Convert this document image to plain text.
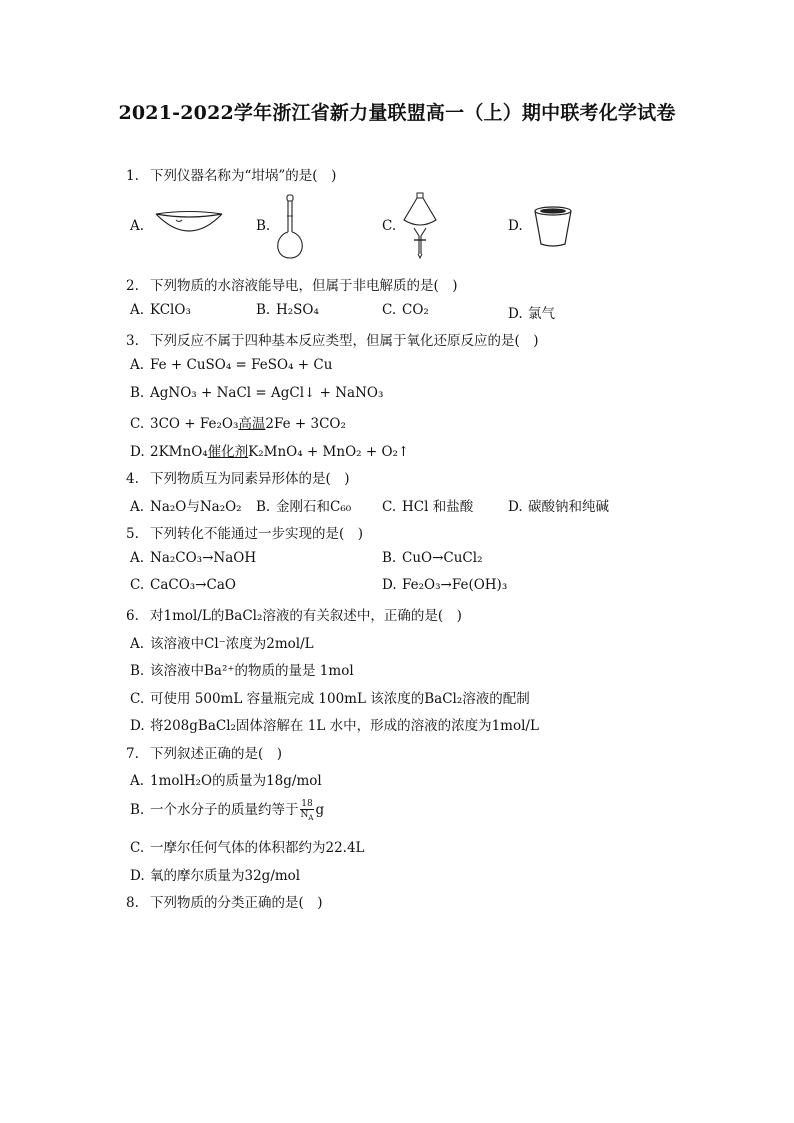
2021-2022学年浙江省新力量联盟高一（上）期中联考化学试卷
1. 下列仪器名称为“坩埚”的是(　)
A.	B.	C.	D.
2. 下列物质的水溶液能导电，但属于非电解质的是(　)
A. KClO₃	B. H₂SO₄	C. CO₂	D. 氯气
3. 下列反应不属于四种基本反应类型，但属于氧化还原反应的是(　)
A. Fe + CuSO₄ = FeSO₄ + Cu
B. AgNO₃ + NaCl = AgCl↓ + NaNO₃
C. 3CO + Fe₂O₃高温2Fe + 3CO₂
D. 2KMnO₄催化剂K₂MnO₄ + MnO₂ + O₂↑
4. 下列物质互为同素异形体的是(　)
A. Na₂O与Na₂O₂ B. 金刚石和C₆₀ C. HCl 和盐酸	D. 碳酸钠和纯碱
5. 下列转化不能通过一步实现的是(　)
A. Na₂CO₃→NaOH	B. CuO→CuCl₂
C. CaCO₃→CaO	D. Fe₂O₃→Fe(OH)₃
6. 对1mol/L的BaCl₂溶液的有关叙述中，正确的是(　)
A. 该溶液中Cl⁻浓度为2mol/L
B. 该溶液中Ba²⁺的物质的量是 1mol
C. 可使用 500mL 容量瓶完成 100mL 该浓度的BaCl₂溶液的配制
D. 将208gBaCl₂固体溶解在 1L 水中，形成的溶液的浓度为1mol/L
7. 下列叙述正确的是(　)
A. 1molH₂O的质量为18g/mol
B. 一个水分子的质量约等于 $\frac{18}{N_A}$ g
C. 一摩尔任何气体的体积都约为22.4L
D. 氧的摩尔质量为32g/mol
8. 下列物质的分类正确的是(　)
